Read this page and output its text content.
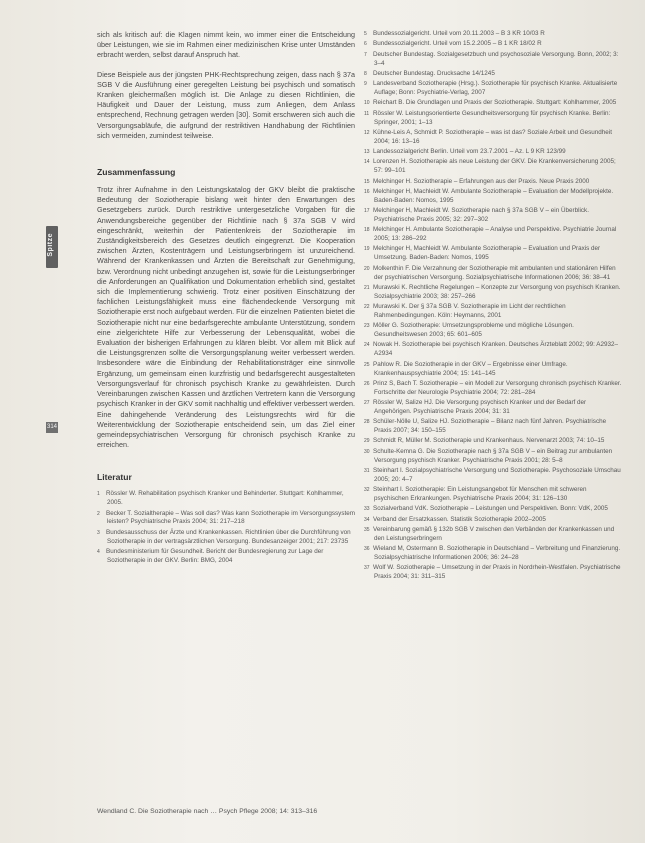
Spitze
314

sich als kritisch auf: die Klagen nimmt kein, wo immer einer die Entscheidung über Leistungen, wie sie im Rahmen einer medizinischen Krise unter Umständen erbracht werden, selbst darauf Anspruch hat.

Diese Beispiele aus der jüngsten PHK-Rechtsprechung zeigen, dass nach § 37a SGB V die Ausführung einer geregelten Leistung bei psychisch und somatisch Kranken gleichermaßen möglich ist. Die Anlage zu diesen Richtlinien, die Häufigkeit und Dauer der Leistung, muss zum Anliegen, dem Anlass entsprechend, Rechnung getragen werden [30]. Somit erschweren sich auch die Versorgungsabläufe, die aufgrund der restriktiven Handhabung der Richtlinien sich vermeiden, zumindest teilweise.

Zusammenfassung

Trotz ihrer Aufnahme in den Leistungskatalog der GKV bleibt die praktische Bedeutung der Soziotherapie bislang weit hinter den Erwartungen des Gesetzgebers zurück. Durch restriktive untergesetzliche Vorgaben für die Anwendungsbereiche gegenüber der Richtlinie nach § 37a SGB V wird eingeschränkt, weiterhin der Patientenkreis der Soziotherapie im Zuständigkeitsbereich des Gesetzes deutlich eingegrenzt. Die Kooperation zwischen Ärzten, Kostenträgern und Leistungserbringern ist unzureichend. Während der Krankenkassen und Ärzten die Bereitschaft zur Genehmigung, bzw. Verordnung nicht unbedingt anzugehen ist, sowie für die Leistungserbringer die Anforderungen an Qualifikation und Dokumentation erheblich sind, gestaltet sich die Implementierung schwierig. Trotz einer positiven Einschätzung der fachlichen Leistungsfähigkeit muss eine flächendeckende Versorgung mit Soziotherapie erst noch aufgebaut werden. Für die einzelnen Patienten bietet die Soziotherapie nicht nur eine bedarfsgerechte ambulante Unterstützung, sondern eine zielgerichtete Hilfe zur Verbesserung der Lebensqualität, wobei die Evaluation der bisherigen Erfahrungen zu klären bleibt. Vor allem mit Blick auf die Leistungsgrenzen sollte die Versorgungsplanung weiter verbessert werden. Insbesondere wäre die Einbindung der Rehabilitationsträger eine sinnvolle Ergänzung, um gemeinsam einen kurzfristig und bedarfsgerecht ausgestalteten Versorgungsverlauf für chronisch psychisch Kranke zu gewährleisten. Durch Vereinbarungen zwischen Kassen und ärztlichen Vertretern kann die Versorgung psychisch Kranker in der GKV somit nachhaltig und effektiver verbessert werden. Eine dahingehende Veränderung des Leistungsrechts wird für die Weiterentwicklung der Soziotherapie entscheidend sein, um das Ziel einer gemeindepsychiatrischen Versorgung für chronisch psychisch Kranke zu erreichen.

Literatur
1 Rössler W. Rehabilitation psychisch Kranker und Behinderter. Stuttgart: Kohlhammer, 2005.
2 Becker T. Sozialtherapie – Was soll das? Was kann Soziotherapie im Versorgungssystem leisten? Psychiatrische Praxis 2004; 31: 217–218
3 Bundesausschuss der Ärzte und Krankenkassen. Richtlinien über die Durchführung von Soziotherapie in der vertragsärztlichen Versorgung. Bundesanzeiger 2001; 217: 23735
4 Bundesministerium für Gesundheit. Bericht der Bundesregierung zur Lage der Soziotherapie in der GKV. Berlin: BMG, 2004
5 Bundessozialgericht. Urteil vom 20.11.2003 – B 3 KR 10/03 R
6 Bundessozialgericht. Urteil vom 15.2.2005 – B 1 KR 18/02 R
7 Deutscher Bundestag. Sozialgesetzbuch und psychosoziale Versorgung. Bonn, 2002; 3: 3–4
8 Deutscher Bundestag. Drucksache 14/1245
9 Landesverband Soziotherapie (Hrsg.). Soziotherapie für psychisch Kranke. Aktualisierte Auflage; Bonn: Psychiatrie-Verlag, 2007
10 Reichart B. Die Grundlagen und Praxis der Soziotherapie. Stuttgart: Kohlhammer, 2005
11 Rössler W. Leistungsorientierte Gesundheitsversorgung für psychisch Kranke. Berlin: Springer, 2001; 1–13
12 Kühne-Leis A, Schmidt P. Soziotherapie – was ist das? Soziale Arbeit und Gesundheit 2004; 16: 13–16
13 Landessozialgericht Berlin. Urteil vom 23.7.2001 – Az. L 9 KR 123/99
14 Lorenzen H. Soziotherapie als neue Leistung der GKV. Die Krankenversicherung 2005; 57: 99–101
15 Melchinger H. Soziotherapie – Erfahrungen aus der Praxis. Neue Praxis 2000
16 Melchinger H, Machleidt W. Ambulante Soziotherapie – Evaluation der Modellprojekte. Baden-Baden: Nomos, 1995
17 Melchinger H, Machleidt W. Soziotherapie nach § 37a SGB V – ein Überblick. Psychiatrische Praxis 2005; 32: 297–302
18 Melchinger H. Ambulante Soziotherapie – Analyse und Perspektive. Psychiatrie Journal 2005; 13: 286–292
19 Melchinger H, Machleidt W. Ambulante Soziotherapie – Evaluation und Praxis der Umsetzung. Baden-Baden: Nomos, 1995
20 Molkenthin F. Die Verzahnung der Soziotherapie mit ambulanten und stationären Hilfen der psychiatrischen Versorgung. Sozialpsychiatrische Informationen 2006; 36: 38–41
21 Murawski K. Rechtliche Regelungen – Konzepte zur Versorgung von psychisch Kranken. Sozialpsychiatrie 2003; 38: 257–266
22 Murawski K. Der § 37a SGB V. Soziotherapie im Licht der rechtlichen Rahmenbedingungen. Köln: Heymanns, 2001
23 Möller G. Soziotherapie: Umsetzungsprobleme und mögliche Lösungen. Gesundheitswesen 2003; 65: 601–605
24 Nowak H. Soziotherapie bei psychisch Kranken. Deutsches Ärzteblatt 2002; 99: A2932–A2934
25 Pahlow R. Die Soziotherapie in der GKV – Ergebnisse einer Umfrage. Krankenhauspsychiatrie 2004; 15: 141–145
26 Prinz S, Bach T. Soziotherapie – ein Modell zur Versorgung chronisch psychisch Kranker. Fortschritte der Neurologie Psychiatrie 2004; 72: 281–284
27 Rössler W, Salize HJ. Die Versorgung psychisch Kranker und der Bedarf der Angehörigen. Psychiatrische Praxis 2004; 31: 31
28 Schüler-Nölle U, Salize HJ. Soziotherapie – Bilanz nach fünf Jahren. Psychiatrische Praxis 2007; 34: 150–155
29 Schmidt R, Müller M. Soziotherapie und Krankenhaus. Nervenarzt 2003; 74: 10–15
30 Schulte-Kemna G. Die Soziotherapie nach § 37a SGB V – ein Beitrag zur ambulanten Versorgung psychisch Kranker. Psychiatrische Praxis 2001; 28: 5–8
31 Steinhart I. Sozialpsychiatrische Versorgung und Soziotherapie. Psychosoziale Umschau 2005; 20: 4–7
32 Steinhart I. Soziotherapie: Ein Leistungsangebot für Menschen mit schweren psychischen Erkrankungen. Psychiatrische Praxis 2004; 31: 126–130
33 Sozialverband VdK. Soziotherapie – Leistungen und Perspektiven. Bonn: VdK, 2005
34 Verband der Ersatzkassen. Statistik Soziotherapie 2002–2005
35 Vereinbarung gemäß § 132b SGB V zwischen den Verbänden der Krankenkassen und den Leistungserbringern
36 Wieland M, Ostermann B. Soziotherapie in Deutschland – Verbreitung und Finanzierung. Sozialpsychiatrische Informationen 2006; 36: 24–28
37 Wolf W. Soziotherapie – Umsetzung in der Praxis in Nordrhein-Westfalen. Psychiatrische Praxis 2004; 31: 311–315
Wendland C. Die Soziotherapie nach … Psych Pflege 2008; 14: 313–316
